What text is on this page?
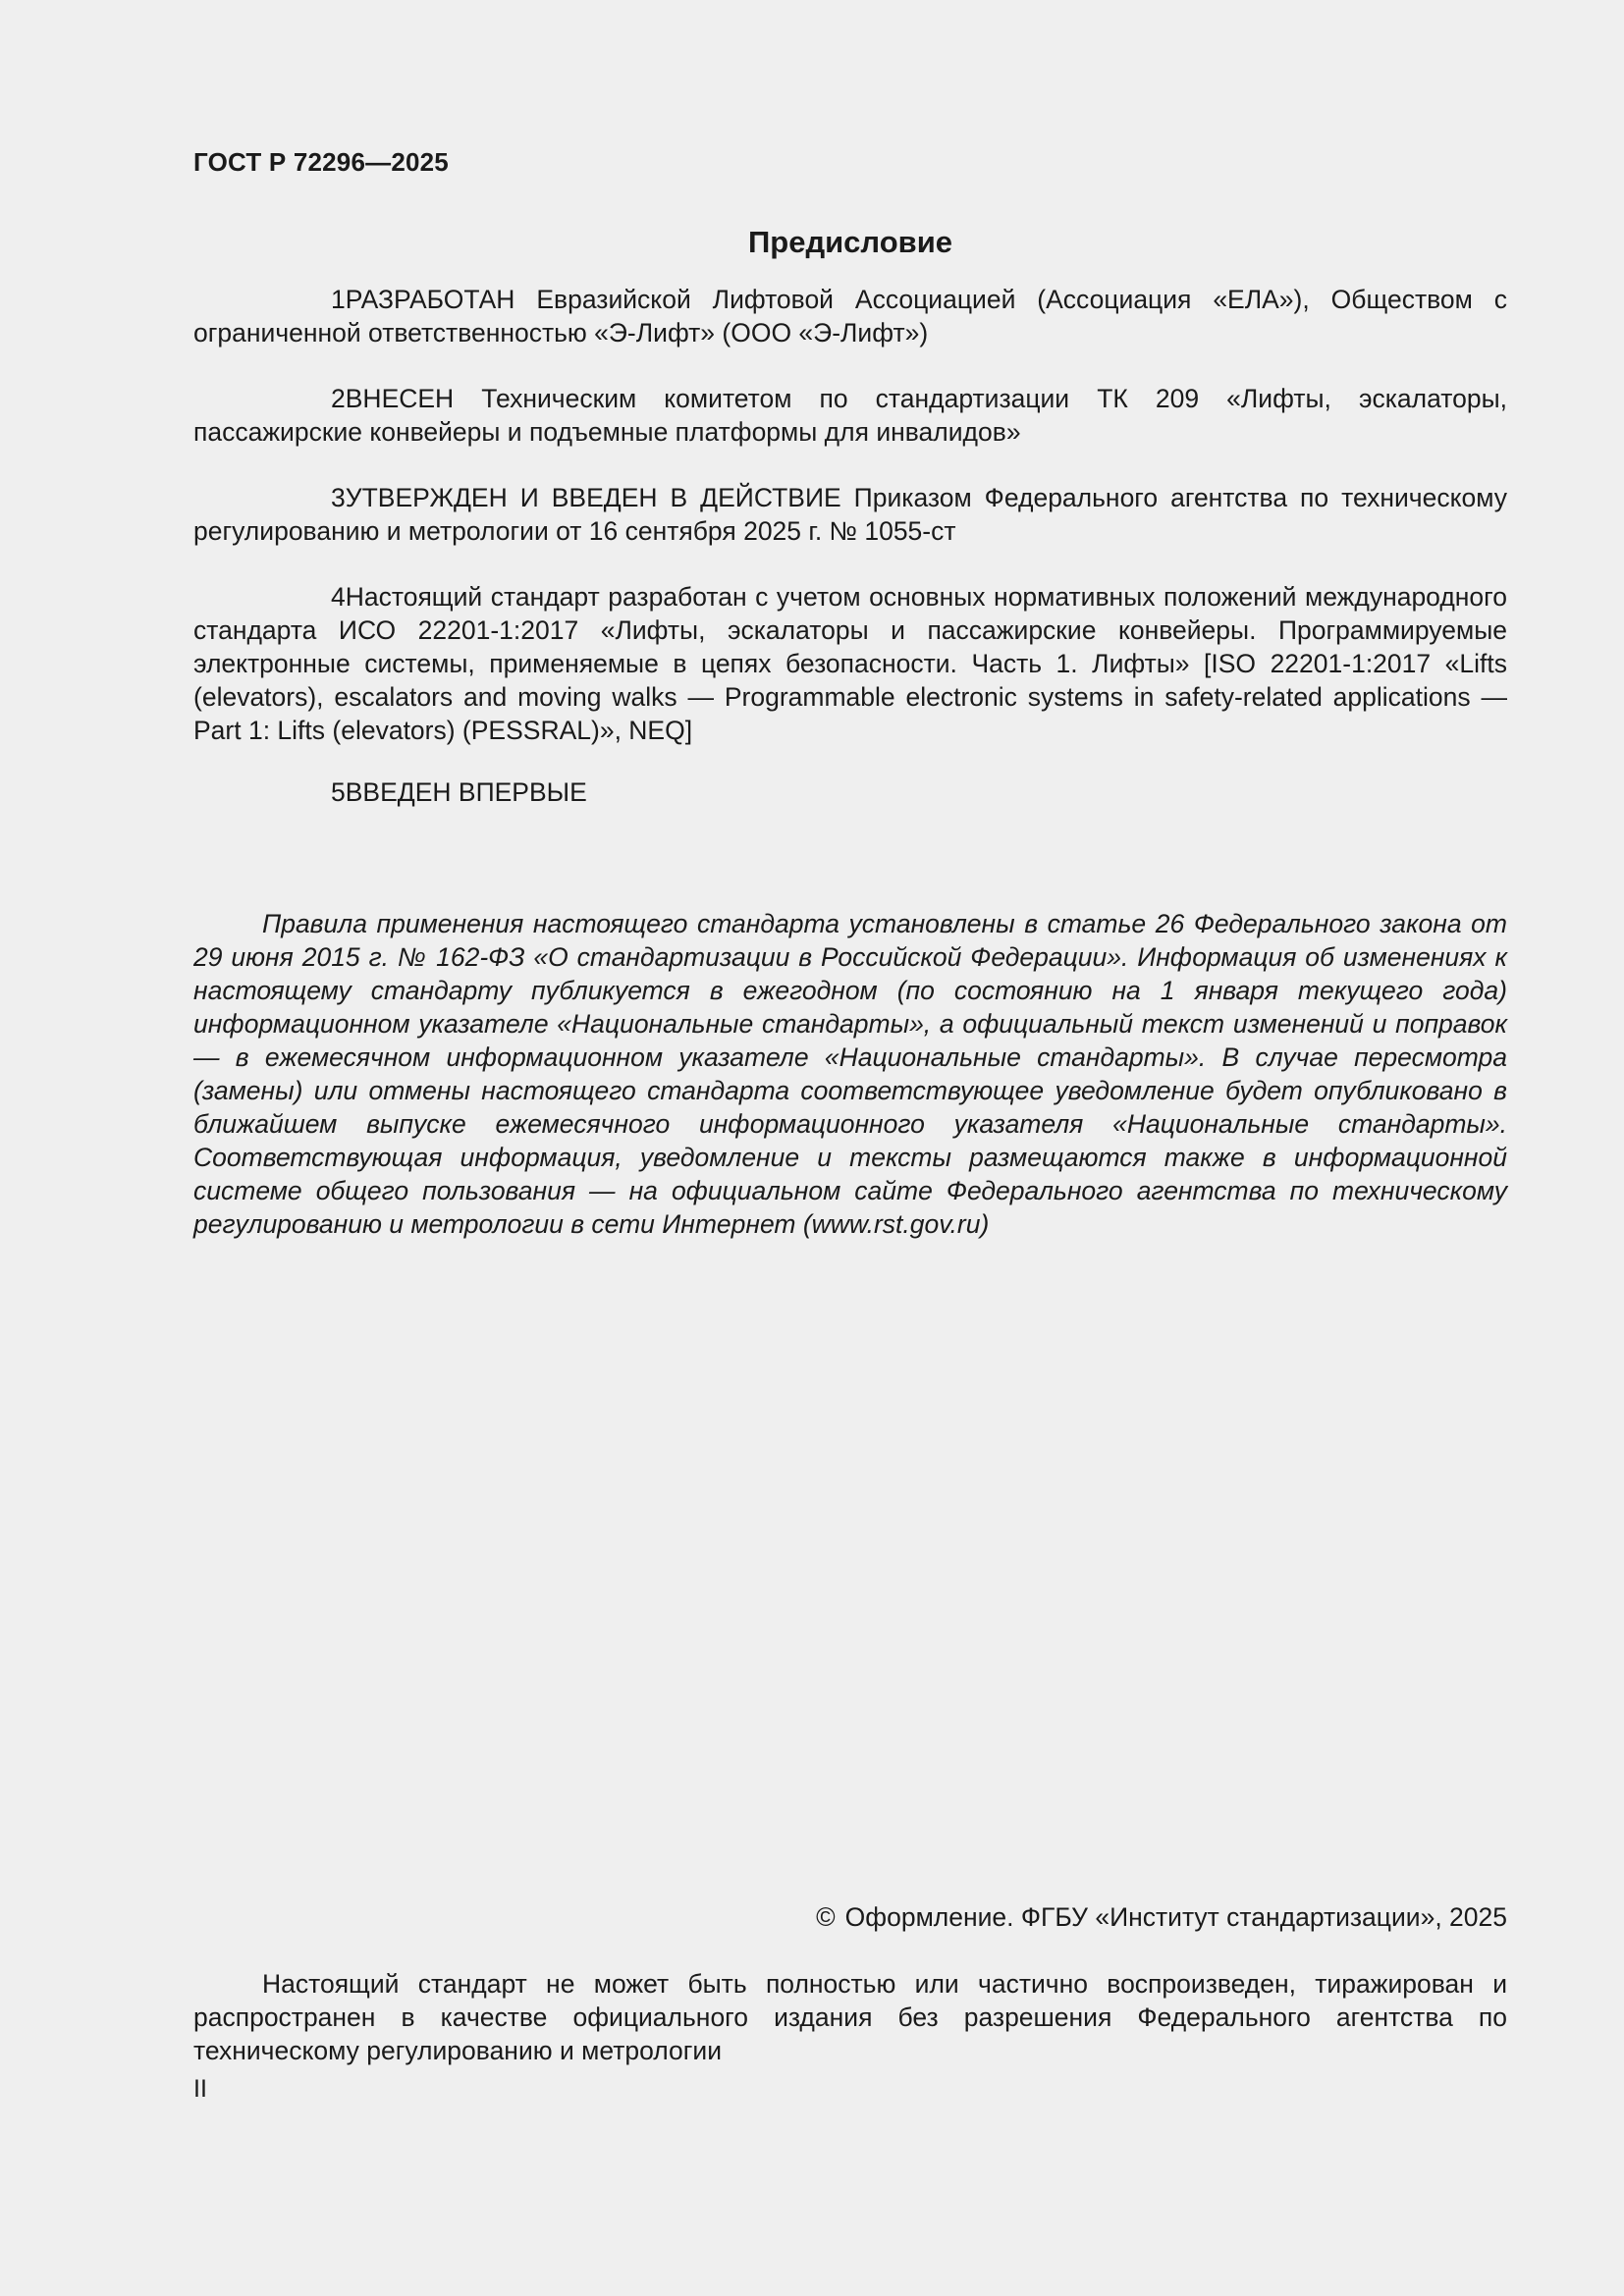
ГОСТ Р 72296—2025
Предисловие

1РАЗРАБОТАН Евразийской Лифтовой Ассоциацией (Ассоциация «ЕЛА»), Обществом с ограниченной ответственностью «Э-Лифт» (ООО «Э-Лифт»)

2ВНЕСЕН Техническим комитетом по стандартизации ТК 209 «Лифты, эскалаторы, пассажирские конвейеры и подъемные платформы для инвалидов»

3УТВЕРЖДЕН И ВВЕДЕН В ДЕЙСТВИЕ Приказом Федерального агентства по техническому регулированию и метрологии от 16 сентября 2025 г. № 1055-ст

4Настоящий стандарт разработан с учетом основных нормативных положений международного стандарта ИСО 22201-1:2017 «Лифты, эскалаторы и пассажирские конвейеры. Программируемые электронные системы, применяемые в цепях безопасности. Часть 1. Лифты» [ISO 22201-1:2017 «Lifts (elevators), escalators and moving walks — Programmable electronic systems in safety-related applications — Part 1: Lifts (elevators) (PESSRAL)», NEQ]

5ВВЕДЕН ВПЕРВЫЕ

Правила применения настоящего стандарта установлены в статье 26 Федерального закона от 29 июня 2015 г. № 162-ФЗ «О стандартизации в Российской Федерации». Информация об изменениях к настоящему стандарту публикуется в ежегодном (по состоянию на 1 января текущего года) информационном указателе «Национальные стандарты», а официальный текст изменений и поправок — в ежемесячном информационном указателе «Национальные стандарты». В случае пересмотра (замены) или отмены настоящего стандарта соответствующее уведомление будет опубликовано в ближайшем выпуске ежемесячного информационного указателя «Национальные стандарты». Соответствующая информация, уведомление и тексты размещаются также в информационной системе общего пользования — на официальном сайте Федерального агентства по техническому регулированию и метрологии в сети Интернет (www.rst.gov.ru)

© Оформление. ФГБУ «Институт стандартизации», 2025

Настоящий стандарт не может быть полностью или частично воспроизведен, тиражирован и распространен в качестве официального издания без разрешения Федерального агентства по техническому регулированию и метрологии

II
